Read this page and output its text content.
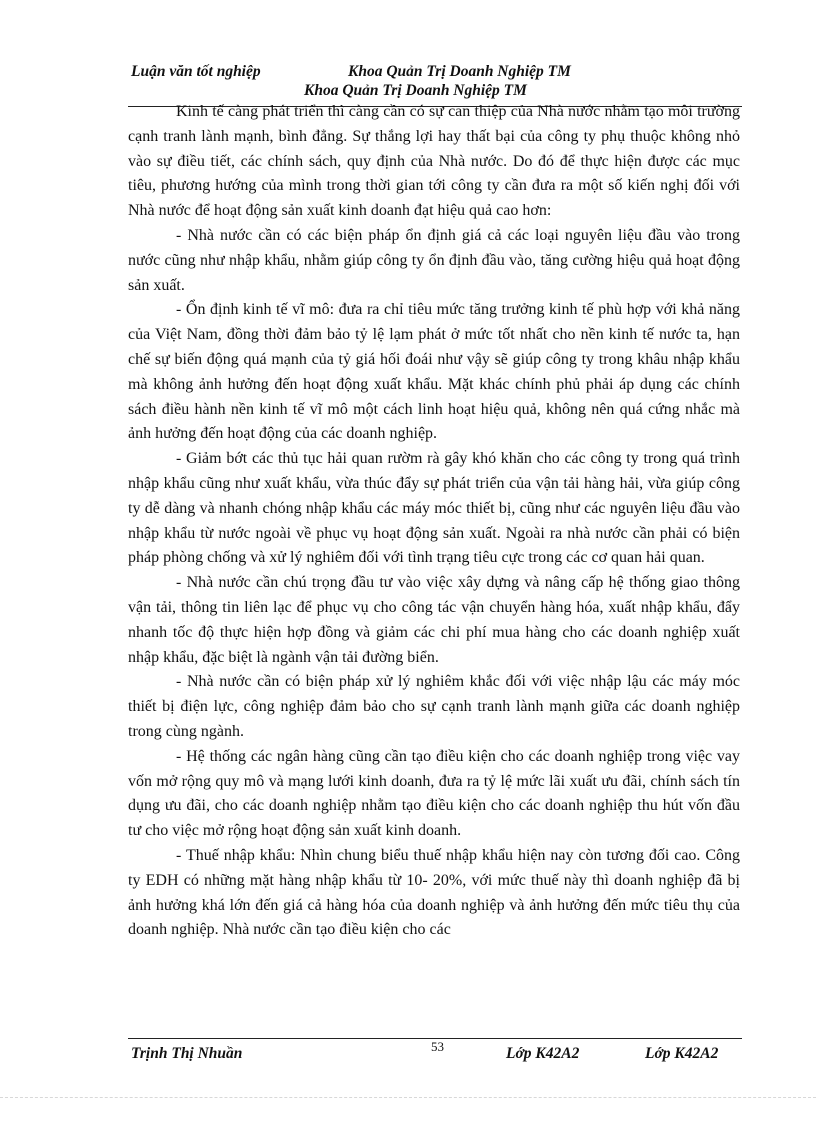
Luận văn tốt nghiệp	Khoa Quản Trị Doanh Nghiệp TM
Khoa Quản Trị Doanh Nghiệp TM

Kinh tế càng phát triển thì càng cần có sự can thiệp của Nhà nước nhằm tạo môi trường cạnh tranh lành mạnh, bình đẳng. Sự thắng lợi hay thất bại của công ty phụ thuộc không nhỏ vào sự điều tiết, các chính sách, quy định của Nhà nước. Do đó để thực hiện được các mục tiêu, phương hướng của mình trong thời gian tới công ty cần đưa ra một số kiến nghị đối với Nhà nước để hoạt động sản xuất kinh doanh đạt hiệu quả cao hơn:

- Nhà nước cần có các biện pháp ổn định giá cả các loại nguyên liệu đầu vào trong nước cũng như nhập khẩu, nhằm giúp công ty ổn định đầu vào, tăng cường hiệu quả hoạt động sản xuất.

- Ổn định kinh tế vĩ mô: đưa ra chỉ tiêu mức tăng trưởng kinh tế phù hợp với khả năng của Việt Nam, đồng thời đảm bảo tỷ lệ lạm phát ở mức tốt nhất cho nền kinh tế nước ta, hạn chế sự biến động quá mạnh của tỷ giá hối đoái như vậy sẽ giúp công ty trong khâu nhập khẩu mà không ảnh hưởng đến hoạt động xuất khẩu. Mặt khác chính phủ phải áp dụng các chính sách điều hành nền kinh tế vĩ mô một cách linh hoạt hiệu quả, không nên quá cứng nhắc mà ảnh hưởng đến hoạt động của các doanh nghiệp.

- Giảm bớt các thủ tục hải quan rườm rà gây khó khăn cho các công ty trong quá trình nhập khẩu cũng như xuất khẩu, vừa thúc đẩy sự phát triển của vận tải hàng hải, vừa giúp công ty dễ dàng và nhanh chóng nhập khẩu các máy móc thiết bị, cũng như các nguyên liệu đầu vào nhập khẩu từ nước ngoài về phục vụ hoạt động sản xuất. Ngoài ra nhà nước cần phải có biện pháp phòng chống và xử lý nghiêm đối với tình trạng tiêu cực trong các cơ quan hải quan.

- Nhà nước cần chú trọng đầu tư vào việc xây dựng và nâng cấp hệ thống giao thông vận tải, thông tin liên lạc để phục vụ cho công tác vận chuyển hàng hóa, xuất nhập khẩu, đẩy nhanh tốc độ thực hiện hợp đồng và giảm các chi phí mua hàng cho các doanh nghiệp xuất nhập khẩu, đặc biệt là ngành vận tải đường biển.

- Nhà nước cần có biện pháp xử lý nghiêm khắc đối với việc nhập lậu các máy móc thiết bị điện lực, công nghiệp đảm bảo cho sự cạnh tranh lành mạnh giữa các doanh nghiệp trong cùng ngành.

- Hệ thống các ngân hàng cũng cần tạo điều kiện cho các doanh nghiệp trong việc vay vốn mở rộng quy mô và mạng lưới kinh doanh, đưa ra tỷ lệ mức lãi xuất ưu đãi, chính sách tín dụng ưu đãi, cho các doanh nghiệp nhằm tạo điều kiện cho các doanh nghiệp thu hút vốn đầu tư cho việc mở rộng hoạt động sản xuất kinh doanh.

- Thuế nhập khẩu: Nhìn chung biểu thuế nhập khẩu hiện nay còn tương đối cao. Công ty EDH có những mặt hàng nhập khẩu từ 10- 20%, với mức thuế này thì doanh nghiệp đã bị ảnh hưởng khá lớn đến giá cả hàng hóa của doanh nghiệp và ảnh hưởng đến mức tiêu thụ của doanh nghiệp. Nhà nước cần tạo điều kiện cho các

Trịnh Thị Nhuần	53	Lớp K42A2	Lớp K42A2
